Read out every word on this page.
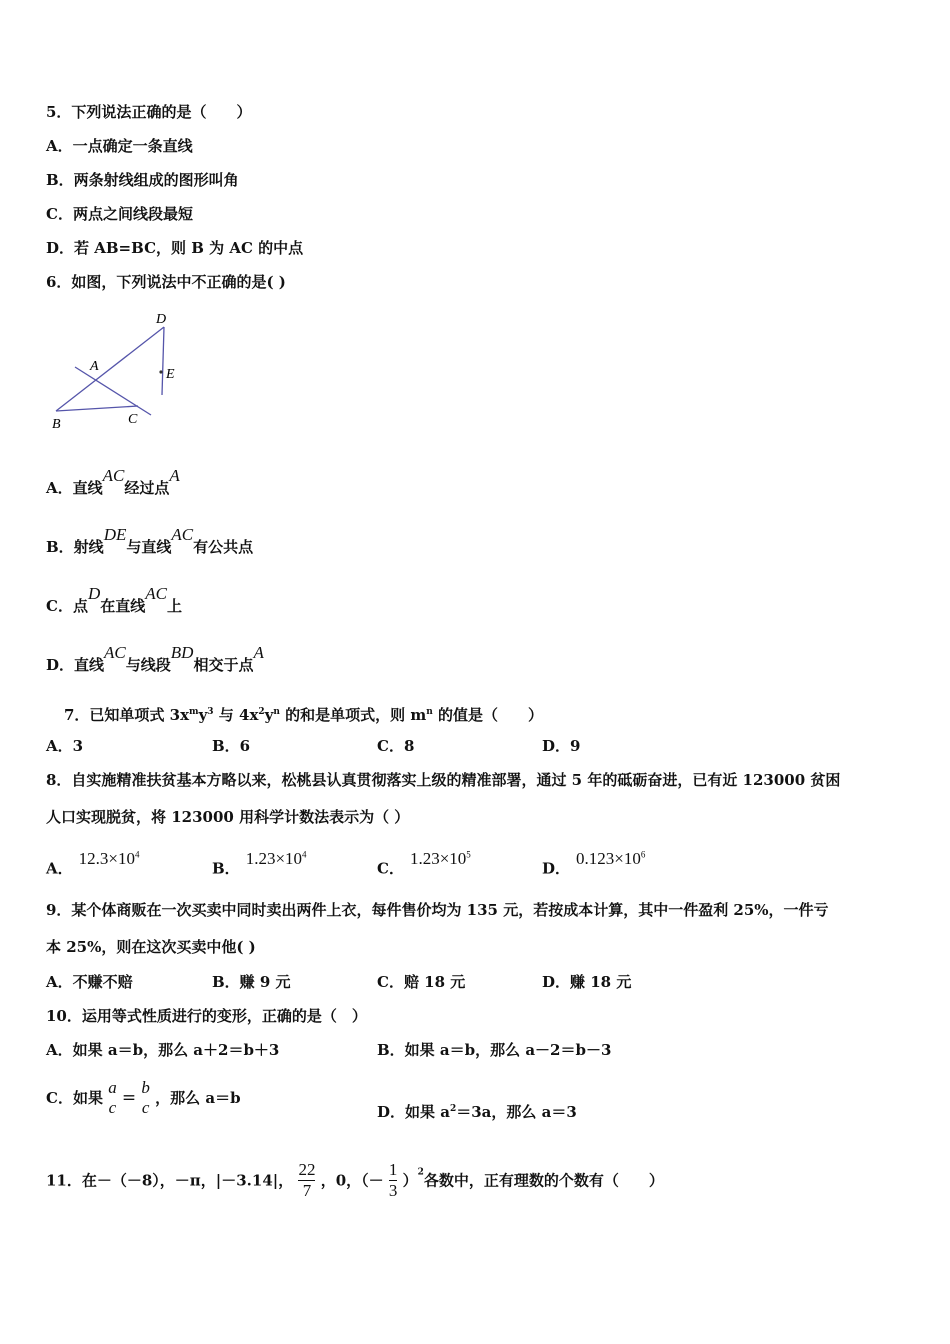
5．下列说法正确的是（　　）
A．一点确定一条直线
B．两条射线组成的图形叫角
C．两点之间线段最短
D．若 AB=BC，则 B 为 AC 的中点
6．如图，下列说法中不正确的是( )
D
A
E
B	C
A．直线AC经过点A
B．射线DE与直线AC有公共点
C．点D在直线AC上
D．直线AC与线段BD相交于点A
7．已知单项式 $3x^my^3$ 与 $4x^2y^n$ 的和是单项式，则 $m^n$ 的值是（　　）
A．3	B．6	C．8	D．9
8．自实施精准扶贫基本方略以来，松桃县认真贯彻落实上级的精准部署，通过 5 年的砥砺奋进，已有近 123000 贫困
人口实现脱贫，将 123000 用科学计数法表示为（ ）
A．$12.3\times 10^4$
B．$1.23\times 10^4$
C．$1.23\times 10^5$
D．$0.123\times 10^6$
9．某个体商贩在一次买卖中同时卖出两件上衣，每件售价均为 135 元，若按成本计算，其中一件盈利 25%，一件亏
本 25%，则在这次买卖中他( )
A．不赚不赔	B．赚 9 元	C．赔 18 元	D．赚 18 元
10．运用等式性质进行的变形，正确的是（　）
A．如果 a＝b，那么 a＋2＝b＋3	B．如果 a＝b，那么 a－2＝b－3
C．如果
a
c =
b
c ，那么 a＝b
D．如果 $a^2=3a$，那么 a＝3
11．在－（－8），－π，|－3.14|， $\frac{22}{7}$ ，0，（－ $\frac{1}{3} )^2$各数中，正有理数的个数有（　　）
